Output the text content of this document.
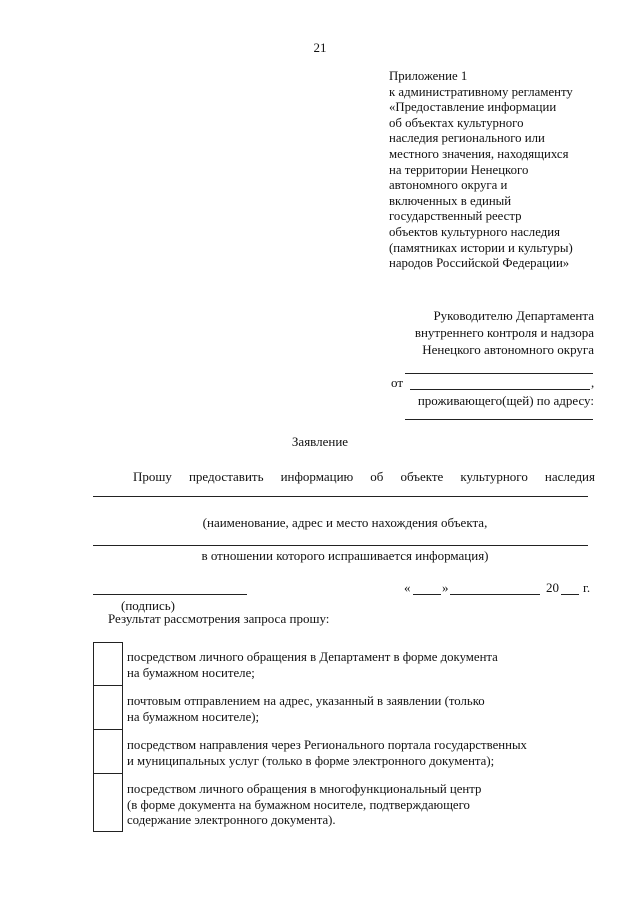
21
Приложение 1
к административному регламенту
«Предоставление информации
об объектах культурного
наследия регионального или
местного значения, находящихся
на территории Ненецкого
автономного округа и
включенных в единый
государственный реестр
объектов культурного наследия
(памятниках истории и культуры)
народов Российской Федерации»
Руководителю Департамента
внутреннего контроля и надзора
Ненецкого автономного округа
от	,
проживающего(щей) по адресу:
Заявление
Прошу предоставить информацию об объекте культурного наследия
(наименование, адрес и место нахождения объекта,
в отношении которого испрашивается информация)
(подпись)
« »	20 г.
Результат рассмотрения запроса прошу:
посредством личного обращения в Департамент в форме документа
на бумажном носителе;
почтовым отправлением на адрес, указанный в заявлении (только
на бумажном носителе);
посредством направления через Регионального портала государственных
и муниципальных услуг (только в форме электронного документа);
посредством личного обращения в многофункциональный центр
(в форме документа на бумажном носителе, подтверждающего
содержание электронного документа).
